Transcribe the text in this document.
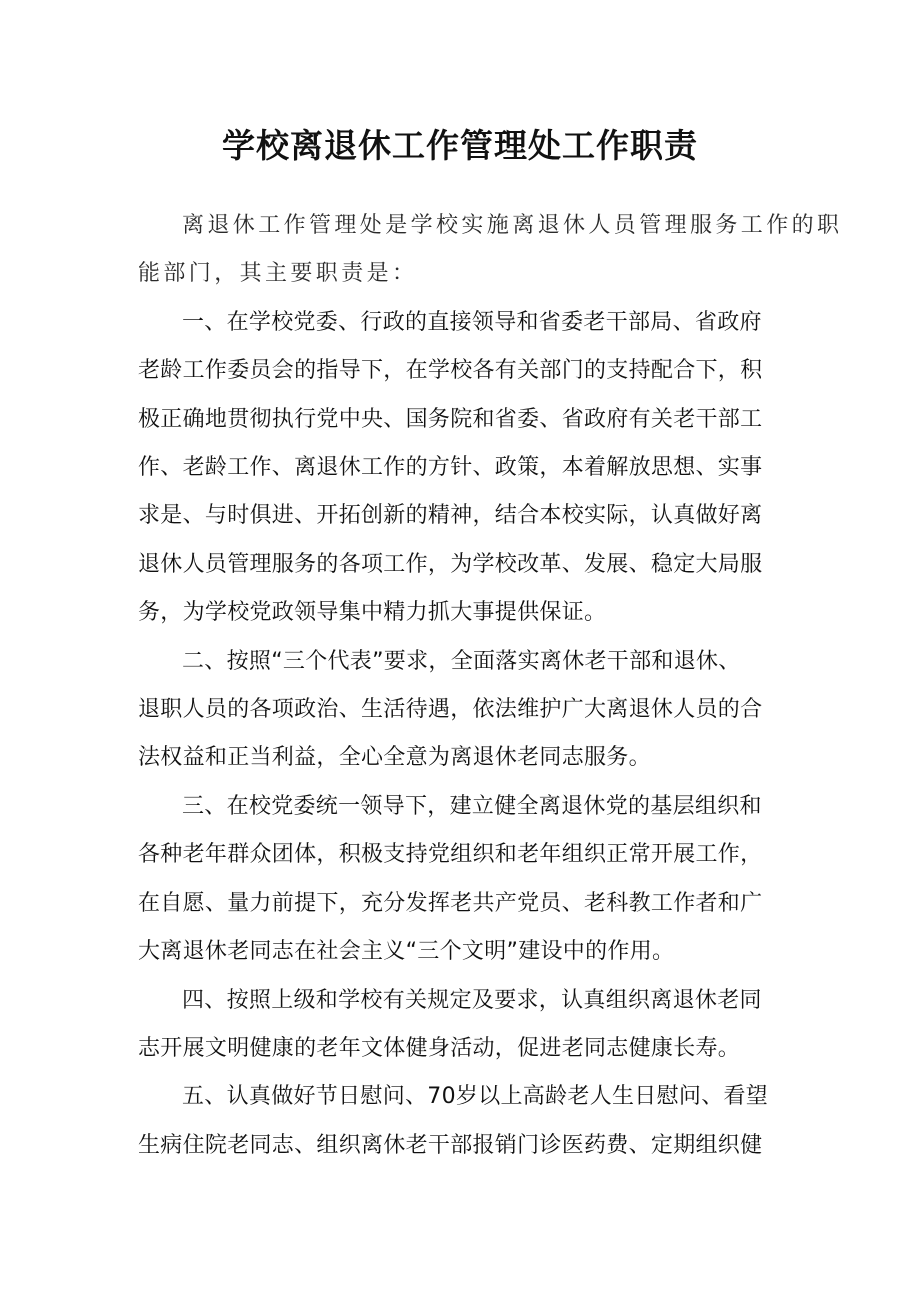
学校离退休工作管理处工作职责

离退休工作管理处是学校实施离退休人员管理服务工作的职
能部门，其主要职责是：

一、在学校党委、行政的直接领导和省委老干部局、省政府
老龄工作委员会的指导下，在学校各有关部门的支持配合下，积
极正确地贯彻执行党中央、国务院和省委、省政府有关老干部工
作、老龄工作、离退休工作的方针、政策，本着解放思想、实事
求是、与时俱进、开拓创新的精神，结合本校实际，认真做好离
退休人员管理服务的各项工作，为学校改革、发展、稳定大局服
务，为学校党政领导集中精力抓大事提供保证。

二、按照“三个代表”要求，全面落实离休老干部和退休、
退职人员的各项政治、生活待遇，依法维护广大离退休人员的合
法权益和正当利益，全心全意为离退休老同志服务。

三、在校党委统一领导下，建立健全离退休党的基层组织和
各种老年群众团体，积极支持党组织和老年组织正常开展工作，
在自愿、量力前提下，充分发挥老共产党员、老科教工作者和广
大离退休老同志在社会主义“三个文明”建设中的作用。

四、按照上级和学校有关规定及要求，认真组织离退休老同
志开展文明健康的老年文体健身活动，促进老同志健康长寿。

五、认真做好节日慰问、70岁以上高龄老人生日慰问、看望
生病住院老同志、组织离休老干部报销门诊医药费、定期组织健
